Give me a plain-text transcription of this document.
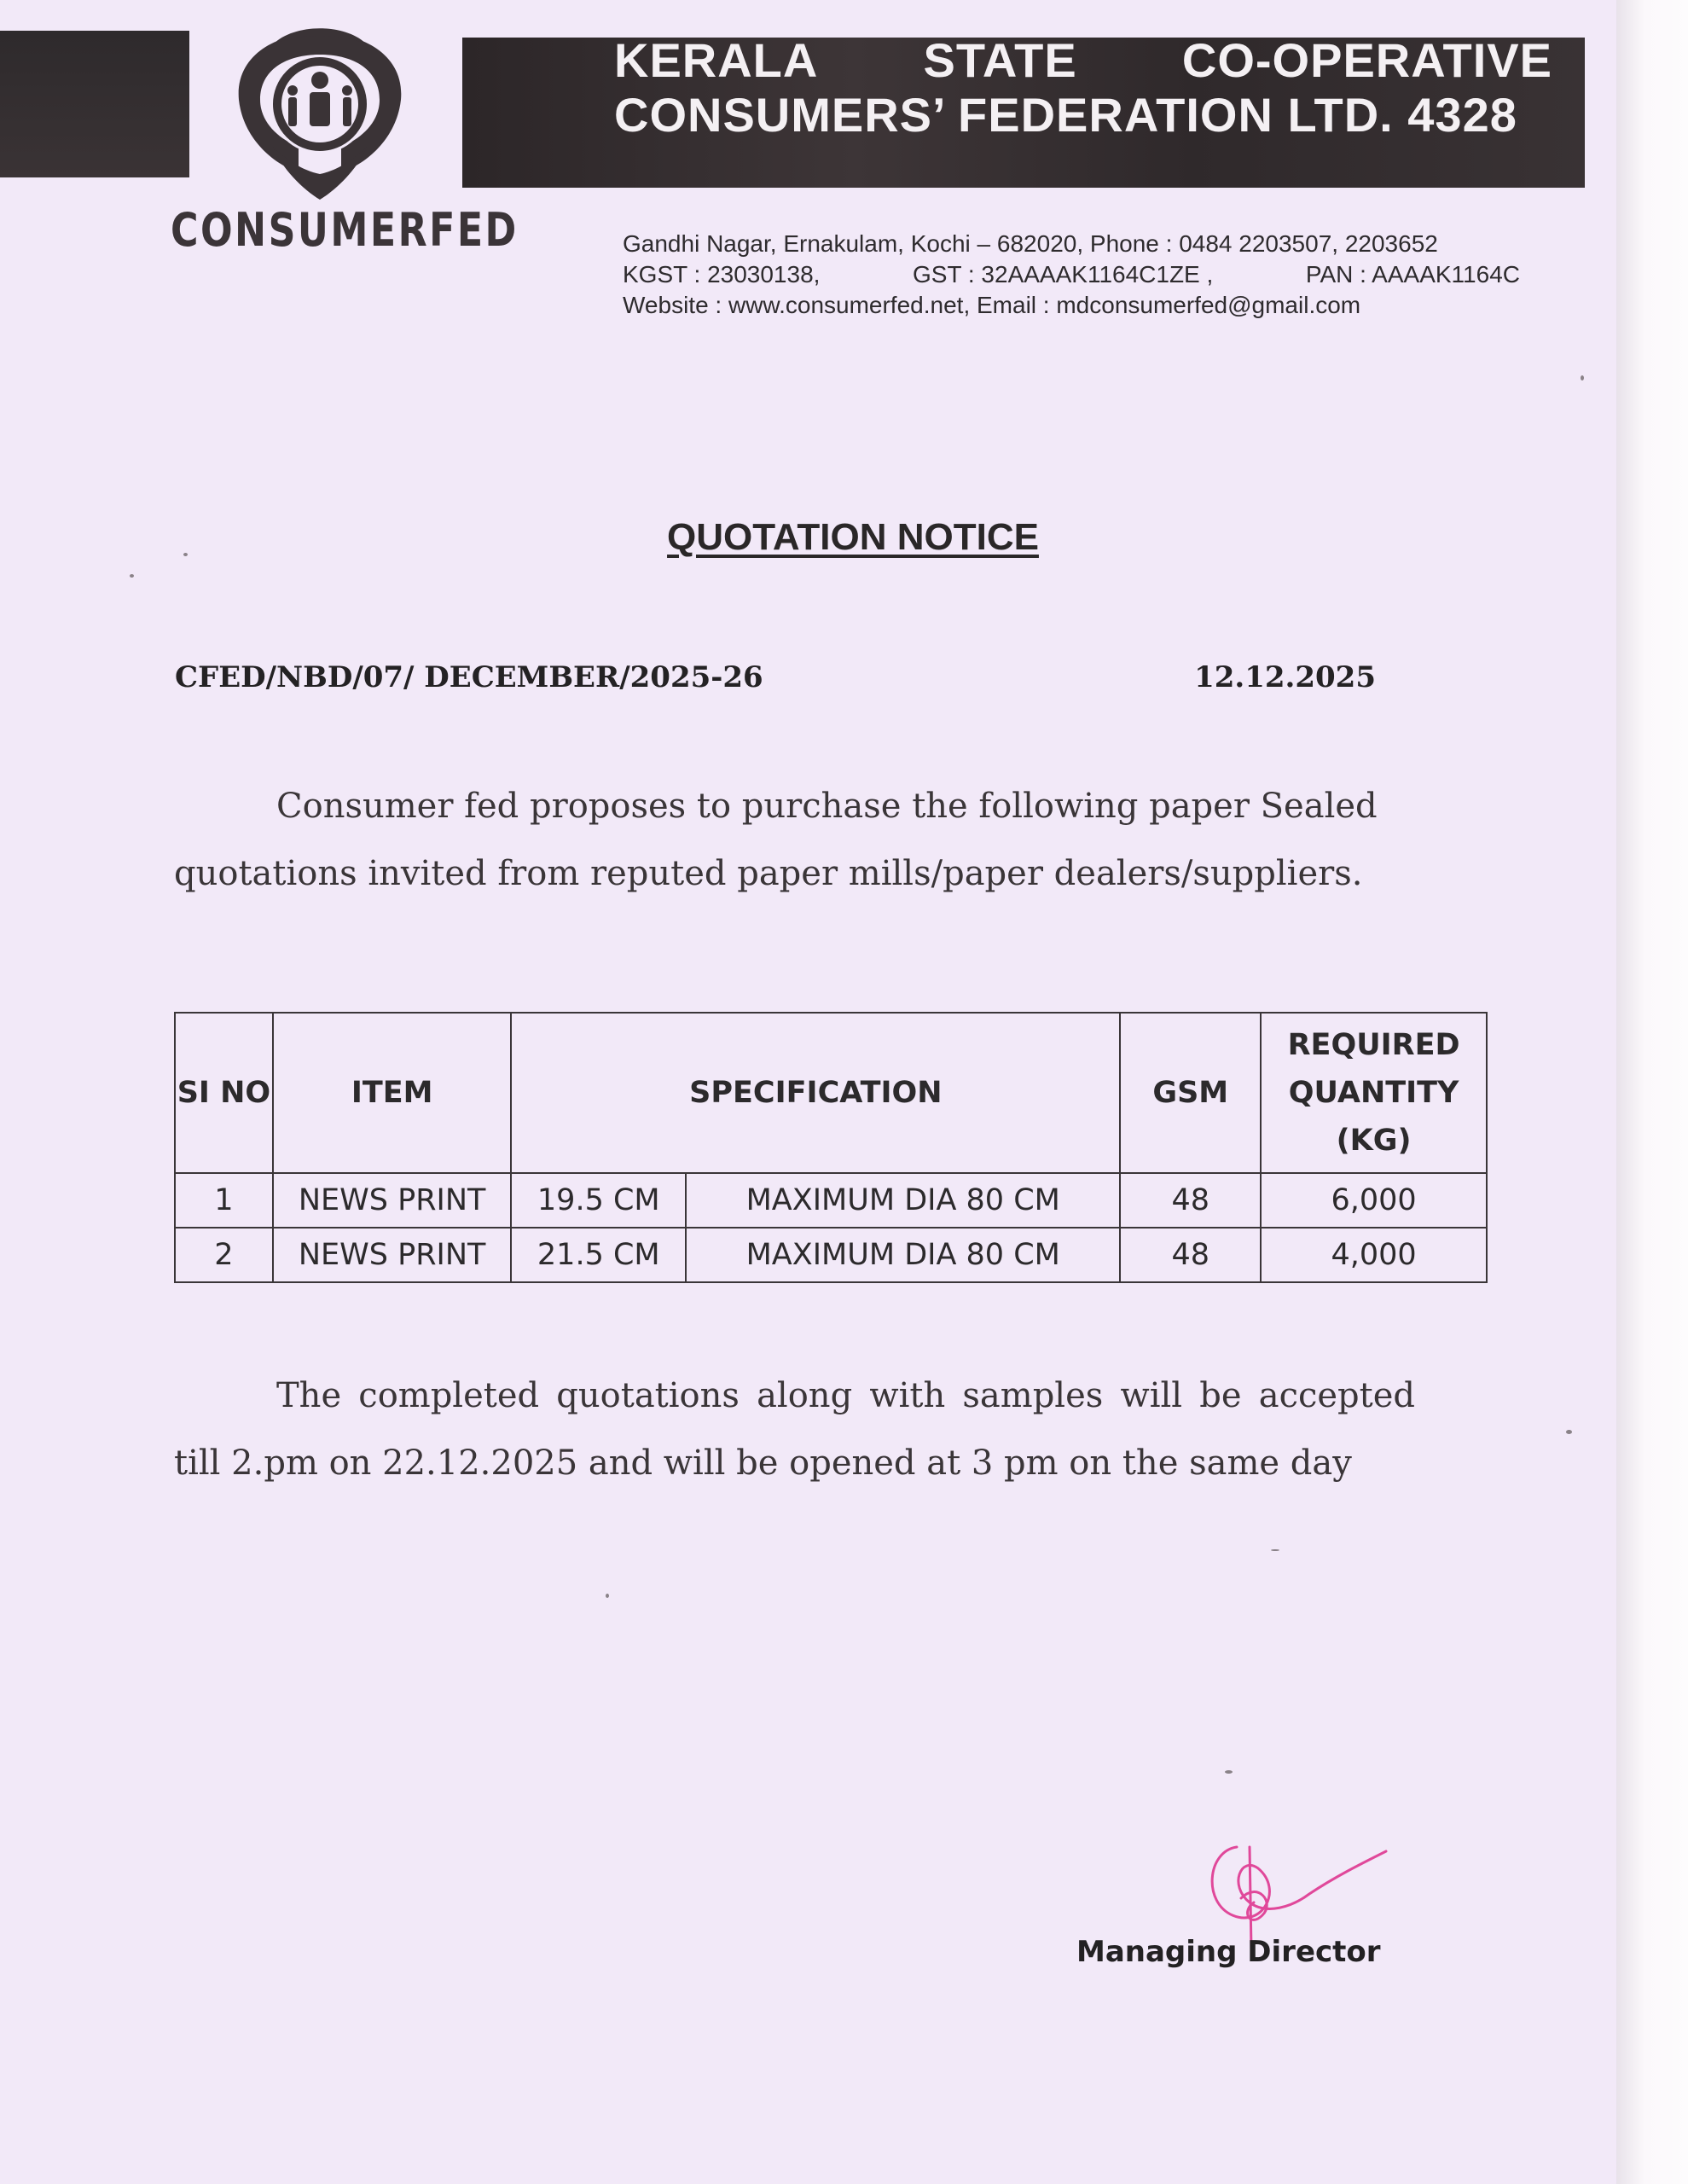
CONSUMERFED
KERALA STATE CO-OPERATIVE
CONSUMERS’ FEDERATION LTD. 4328
Gandhi Nagar, Ernakulam, Kochi – 682020, Phone : 0484 2203507, 2203652
KGST : 23030138,	GST : 32AAAAK1164C1ZE ,	PAN : AAAAK1164C
Website : www.consumerfed.net, Email : mdconsumerfed@gmail.com
QUOTATION NOTICE
CFED/NBD/07/ DECEMBER/2025-26	12.12.2025
Consumer fed proposes to purchase the following paper Sealed quotations invited from reputed paper mills/paper dealers/suppliers.
SI NO	ITEM	SPECIFICATION		GSM	REQUIRED QUANTITY (KG)
1	NEWS PRINT	19.5 CM	MAXIMUM DIA 80 CM	48	6,000
2	NEWS PRINT	21.5 CM	MAXIMUM DIA 80 CM	48	4,000
The completed quotations along with samples will be accepted till 2.pm on 22.12.2025 and will be opened at 3 pm on the same day
Managing Director
